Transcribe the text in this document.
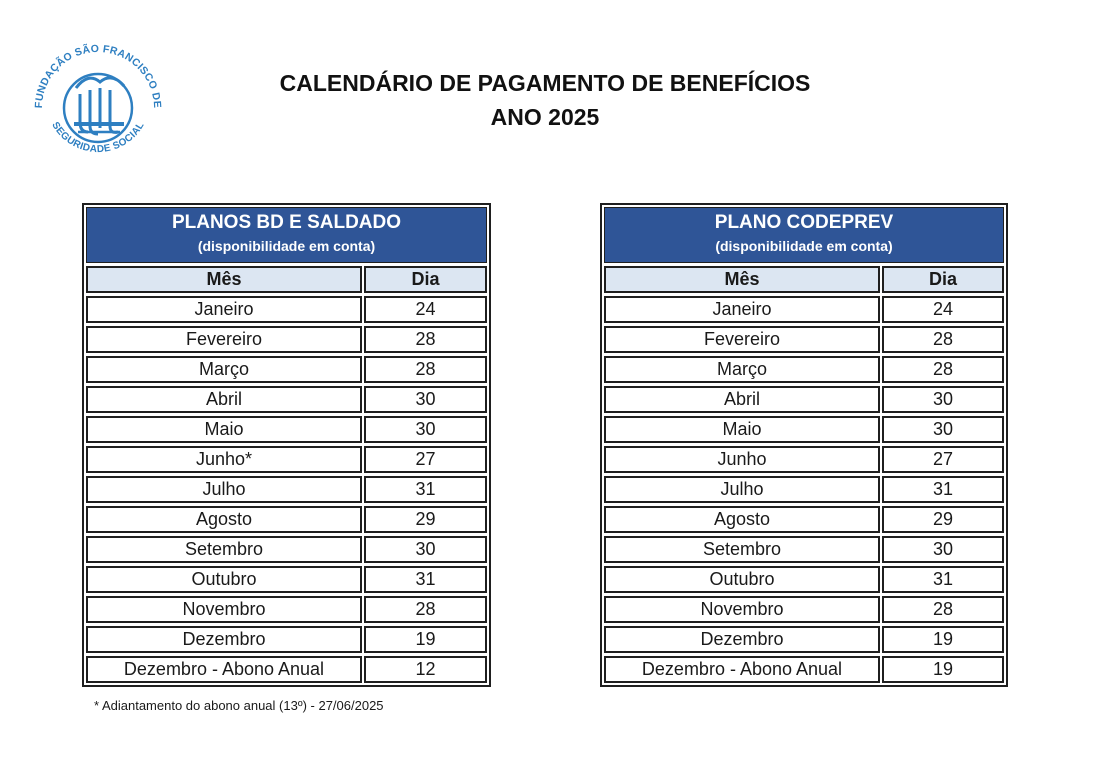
FUNDAÇÃO SÃO FRANCISCO DE
SEGURIDADE SOCIAL
CALENDÁRIO DE PAGAMENTO DE BENEFÍCIOS
ANO 2025
PLANOS BD E SALDADO
(disponibilidade em conta)
Mês	Dia
Janeiro	24
Fevereiro	28
Março	28
Abril	30
Maio	30
Junho*	27
Julho	31
Agosto	29
Setembro	30
Outubro	31
Novembro	28
Dezembro	19
Dezembro - Abono Anual	12
PLANO CODEPREV
(disponibilidade em conta)
Mês	Dia
Janeiro	24
Fevereiro	28
Março	28
Abril	30
Maio	30
Junho	27
Julho	31
Agosto	29
Setembro	30
Outubro	31
Novembro	28
Dezembro	19
Dezembro - Abono Anual	19
* Adiantamento do abono anual (13º) - 27/06/2025
